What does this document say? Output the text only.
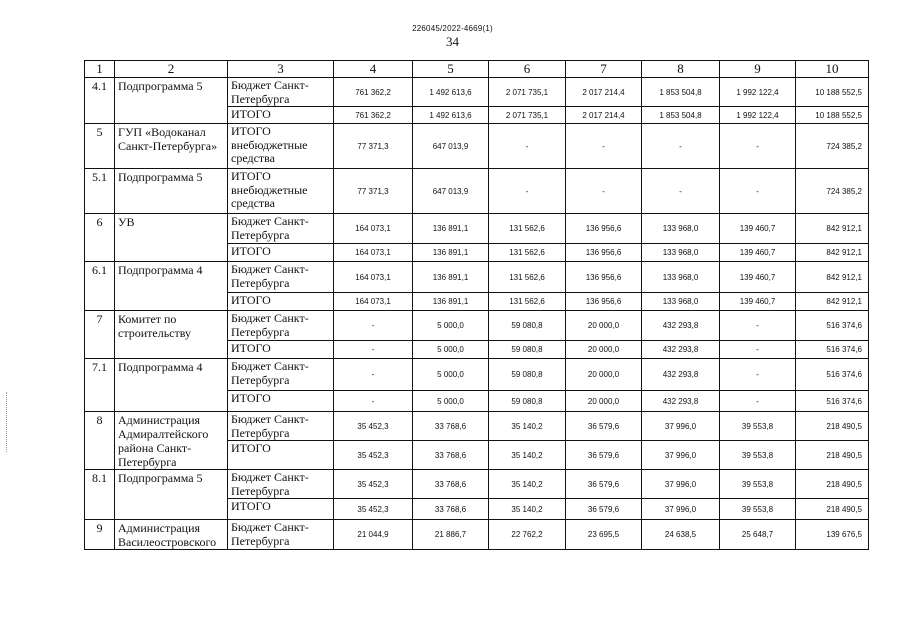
226045/2022-4669(1)
34
1	2	3	4	5	6	7	8	9	10
4.1	Подпрограмма 5	Бюджет Санкт-Петербурга	761 362,2	1 492 613,6	2 071 735,1	2 017 214,4	1 853 504,8	1 992 122,4	10 188 552,5
		ИТОГО	761 362,2	1 492 613,6	2 071 735,1	2 017 214,4	1 853 504,8	1 992 122,4	10 188 552,5
5	ГУП «Водоканал Санкт-Петербурга»	ИТОГО внебюджетные средства	77 371,3	647 013,9	-	-	-	-	724 385,2
5.1	Подпрограмма 5	ИТОГО внебюджетные средства	77 371,3	647 013,9	-	-	-	-	724 385,2
6	УВ	Бюджет Санкт-Петербурга	164 073,1	136 891,1	131 562,6	136 956,6	133 968,0	139 460,7	842 912,1
		ИТОГО	164 073,1	136 891,1	131 562,6	136 956,6	133 968,0	139 460,7	842 912,1
6.1	Подпрограмма 4	Бюджет Санкт-Петербурга	164 073,1	136 891,1	131 562,6	136 956,6	133 968,0	139 460,7	842 912,1
		ИТОГО	164 073,1	136 891,1	131 562,6	136 956,6	133 968,0	139 460,7	842 912,1
7	Комитет по строительству	Бюджет Санкт-Петербурга	-	5 000,0	59 080,8	20 000,0	432 293,8	-	516 374,6
		ИТОГО	-	5 000,0	59 080,8	20 000,0	432 293,8	-	516 374,6
7.1	Подпрограмма 4	Бюджет Санкт-Петербурга	-	5 000,0	59 080,8	20 000,0	432 293,8	-	516 374,6
		ИТОГО	-	5 000,0	59 080,8	20 000,0	432 293,8	-	516 374,6
8	Администрация Адмиралтейского района Санкт-Петербурга	Бюджет Санкт-Петербурга	35 452,3	33 768,6	35 140,2	36 579,6	37 996,0	39 553,8	218 490,5
		ИТОГО	35 452,3	33 768,6	35 140,2	36 579,6	37 996,0	39 553,8	218 490,5
8.1	Подпрограмма 5	Бюджет Санкт-Петербурга	35 452,3	33 768,6	35 140,2	36 579,6	37 996,0	39 553,8	218 490,5
		ИТОГО	35 452,3	33 768,6	35 140,2	36 579,6	37 996,0	39 553,8	218 490,5
9	Администрация Василеостровского	Бюджет Санкт-Петербурга	21 044,9	21 886,7	22 762,2	23 695,5	24 638,5	25 648,7	139 676,5
